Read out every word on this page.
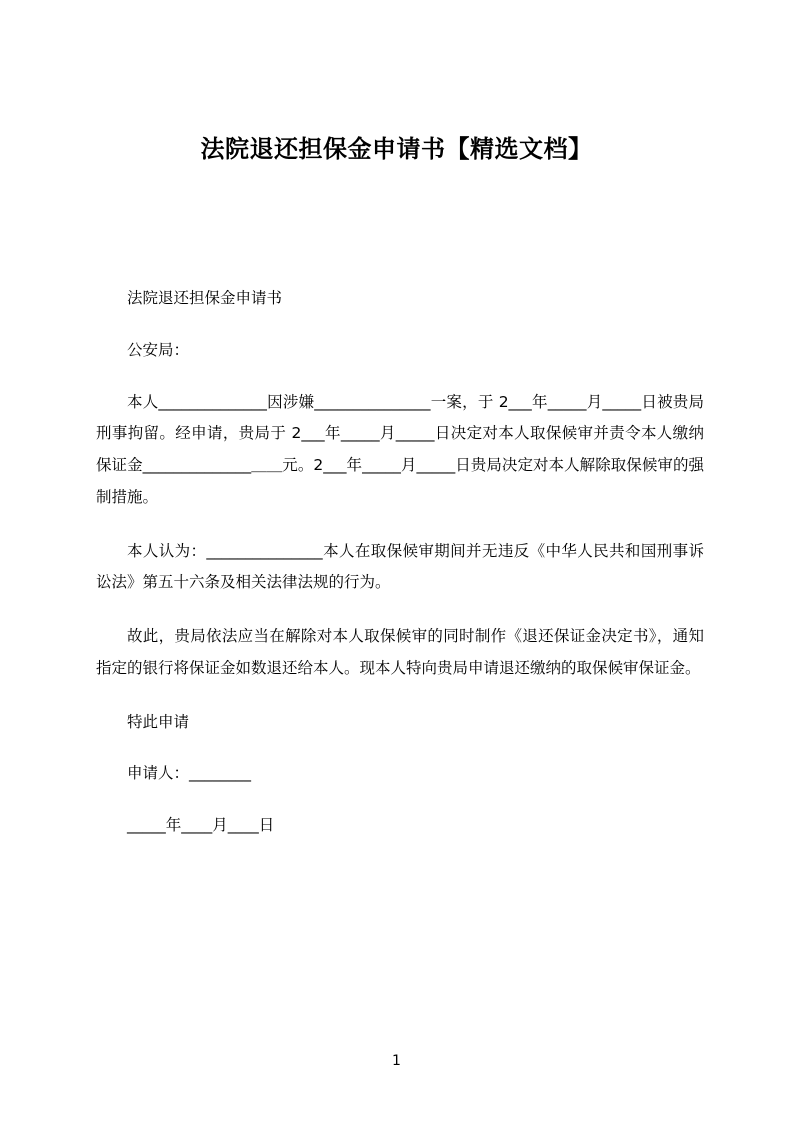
法院退还担保金申请书【精选文档】

法院退还担保金申请书

公安局：

本人______________因涉嫌_______________一案，于 2___年_____月_____日被贵局刑事拘留。经申请，贵局于 2___年_____月_____日决定对本人取保候审并责令本人缴纳保证金______________＿＿元。2___年_____月_____日贵局决定对本人解除取保候审的强制措施。

本人认为：_______________本人在取保候审期间并无违反《中华人民共和国刑事诉讼法》第五十六条及相关法律法规的行为。

故此，贵局依法应当在解除对本人取保候审的同时制作《退还保证金决定书》，通知指定的银行将保证金如数退还给本人。现本人特向贵局申请退还缴纳的取保候审保证金。

特此申请

申请人：________

_____年____月____日

1
